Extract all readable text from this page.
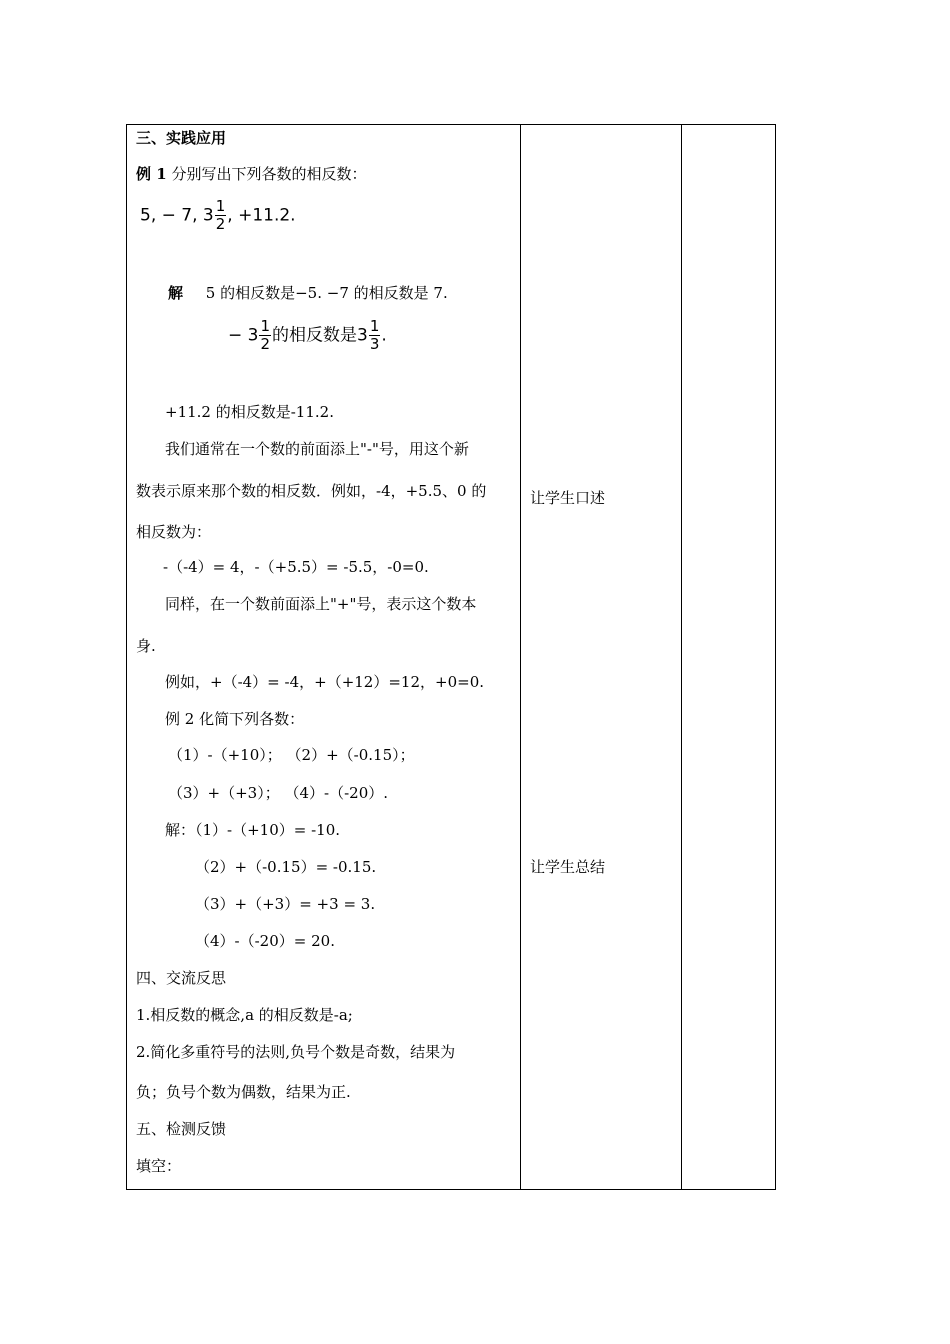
三、实践应用
例 1 分别写出下列各数的相反数：
5, − 7, $3 \frac{1}{2}$ , +11.2.
解 5 的相反数是−5. −7 的相反数是 7.
− $3 \frac{1}{2}$ 的相反数是$3 \frac{1}{3}$ .
+11.2 的相反数是-11.2.
我们通常在一个数的前面添上"-"号，用这个新
数表示原来那个数的相反数．例如，-4，+5.5、0 的
相反数为：
-（-4）= 4，-（+5.5）= -5.5，-0=0.
同样，在一个数前面添上"+"号，表示这个数本
身.
例如，+（-4）= -4，+（+12）=12，+0=0.
例 2 化简下列各数：
（1）-（+10）； （2）+（-0.15）；
（3）+（+3）； （4）-（-20）.
解：（1）-（+10）= -10.
（2）+（-0.15）= -0.15.
（3）+（+3）= +3 = 3.
（4）-（-20）= 20.
四、交流反思
1.相反数的概念,a 的相反数是-a;
2.简化多重符号的法则,负号个数是奇数，结果为
负；负号个数为偶数，结果为正.
五、检测反馈
填空：
让学生口述
让学生总结
